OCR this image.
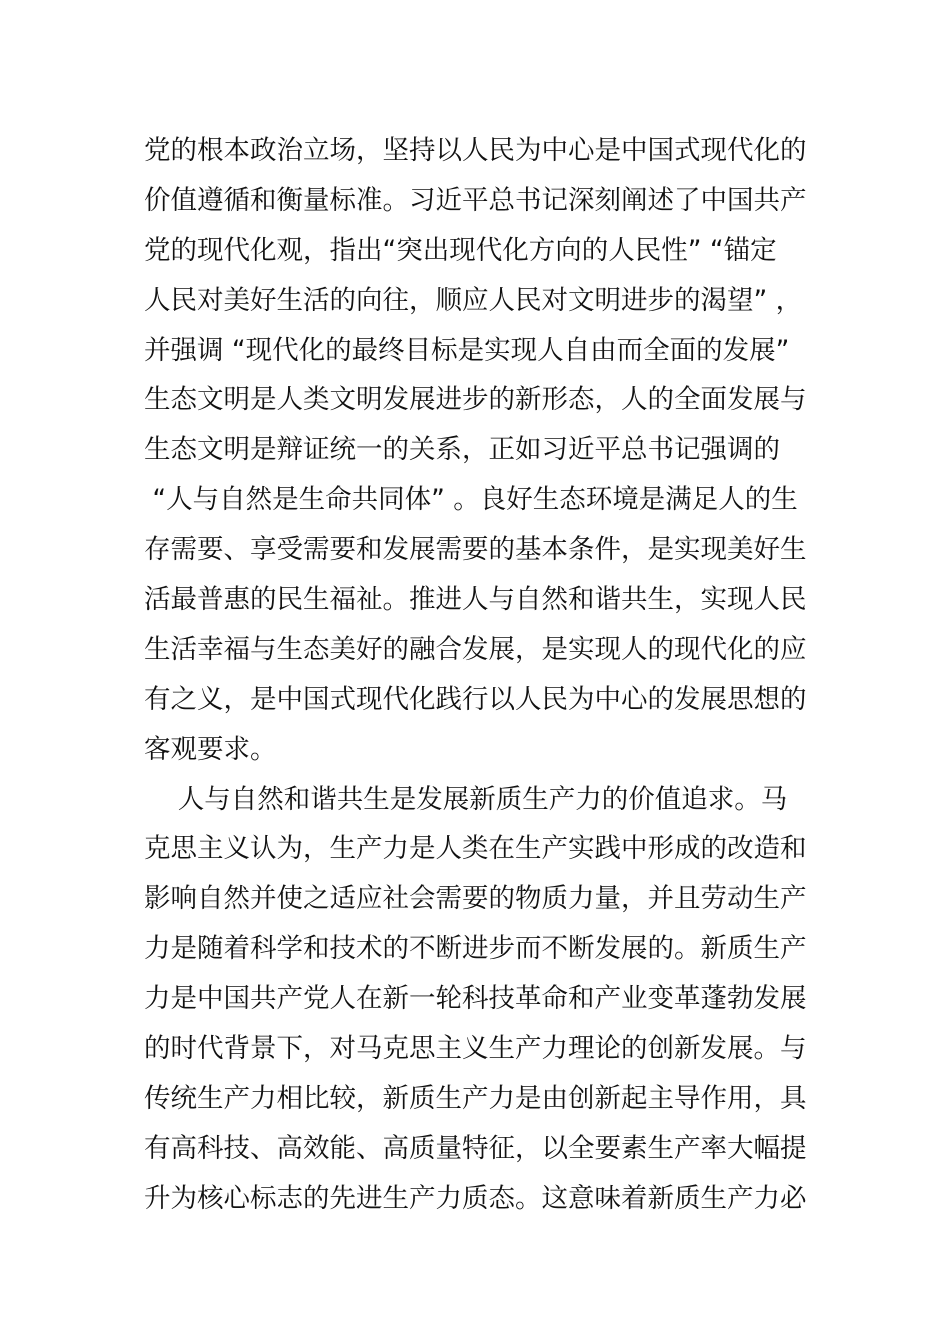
党的根本政治立场，坚持以人民为中心是中国式现代化的
价值遵循和衡量标准。习近平总书记深刻阐述了中国共产
党的现代化观，指出“突出现代化方向的人民性” “锚定
人民对美好生活的向往，顺应人民对文明进步的渴望” ，
并强调 “现代化的最终目标是实现人自由而全面的发展”
生态文明是人类文明发展进步的新形态，人的全面发展与
生态文明是辩证统一的关系，正如习近平总书记强调的
“人与自然是生命共同体” 。良好生态环境是满足人的生
存需要、享受需要和发展需要的基本条件，是实现美好生
活最普惠的民生福祉。推进人与自然和谐共生，实现人民
生活幸福与生态美好的融合发展，是实现人的现代化的应
有之义，是中国式现代化践行以人民为中心的发展思想的
客观要求。
人与自然和谐共生是发展新质生产力的价值追求。马
克思主义认为，生产力是人类在生产实践中形成的改造和
影响自然并使之适应社会需要的物质力量，并且劳动生产
力是随着科学和技术的不断进步而不断发展的。新质生产
力是中国共产党人在新一轮科技革命和产业变革蓬勃发展
的时代背景下，对马克思主义生产力理论的创新发展。与
传统生产力相比较，新质生产力是由创新起主导作用，具
有高科技、高效能、高质量特征，以全要素生产率大幅提
升为核心标志的先进生产力质态。这意味着新质生产力必
